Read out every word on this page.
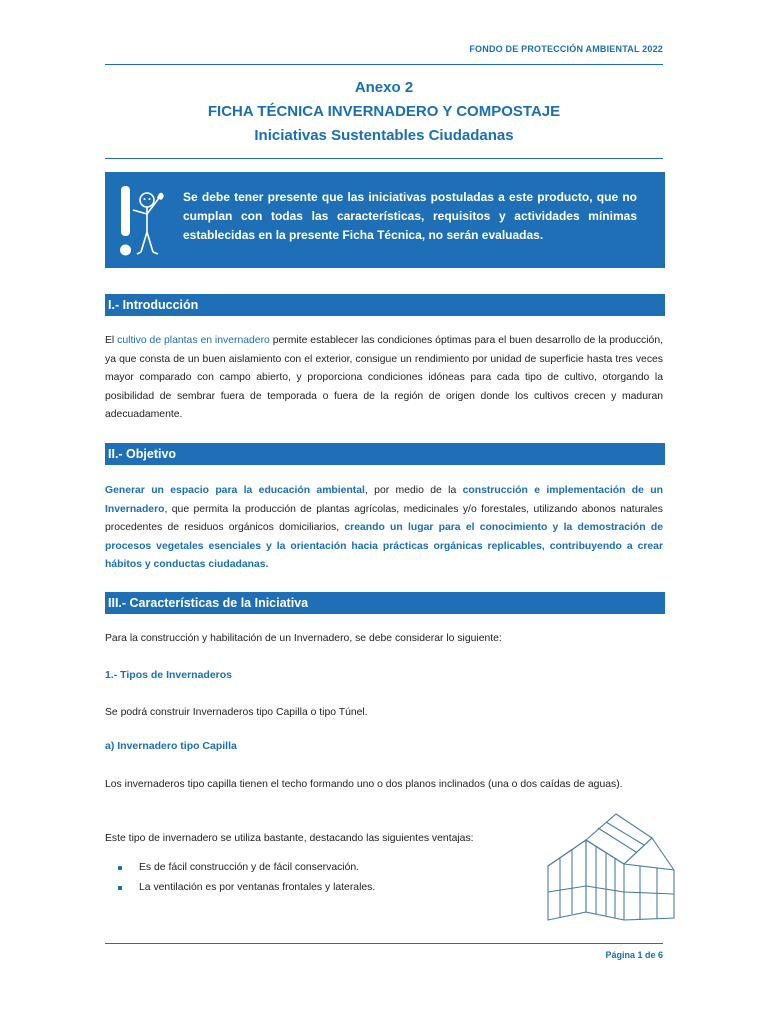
FONDO DE PROTECCIÓN AMBIENTAL 2022
Anexo 2
FICHA TÉCNICA INVERNADERO Y COMPOSTAJE
Iniciativas Sustentables Ciudadanas
Se debe tener presente que las iniciativas postuladas a este producto, que no cumplan con todas las características, requisitos y actividades mínimas establecidas en la presente Ficha Técnica, no serán evaluadas.
I.- Introducción
El cultivo de plantas en invernadero permite establecer las condiciones óptimas para el buen desarrollo de la producción, ya que consta de un buen aislamiento con el exterior, consigue un rendimiento por unidad de superficie hasta tres veces mayor comparado con campo abierto, y proporciona condiciones idóneas para cada tipo de cultivo, otorgando la posibilidad de sembrar fuera de temporada o fuera de la región de origen donde los cultivos crecen y maduran adecuadamente.
II.- Objetivo
Generar un espacio para la educación ambiental, por medio de la construcción e implementación de un Invernadero, que permita la producción de plantas agrícolas, medicinales y/o forestales, utilizando abonos naturales procedentes de residuos orgánicos domiciliarios, creando un lugar para el conocimiento y la demostración de procesos vegetales esenciales y la orientación hacia prácticas orgánicas replicables, contribuyendo a crear hábitos y conductas ciudadanas.
III.- Características de la Iniciativa
Para la construcción y habilitación de un Invernadero, se debe considerar lo siguiente:
1.- Tipos de Invernaderos
Se podrá construir Invernaderos tipo Capilla o tipo Túnel.
a) Invernadero tipo Capilla
Los invernaderos tipo capilla tienen el techo formando uno o dos planos inclinados (una o dos caídas de aguas).
Este tipo de invernadero se utiliza bastante, destacando las siguientes ventajas:
Es de fácil construcción y de fácil conservación.
La ventilación es por ventanas frontales y laterales.
Página 1 de 6
